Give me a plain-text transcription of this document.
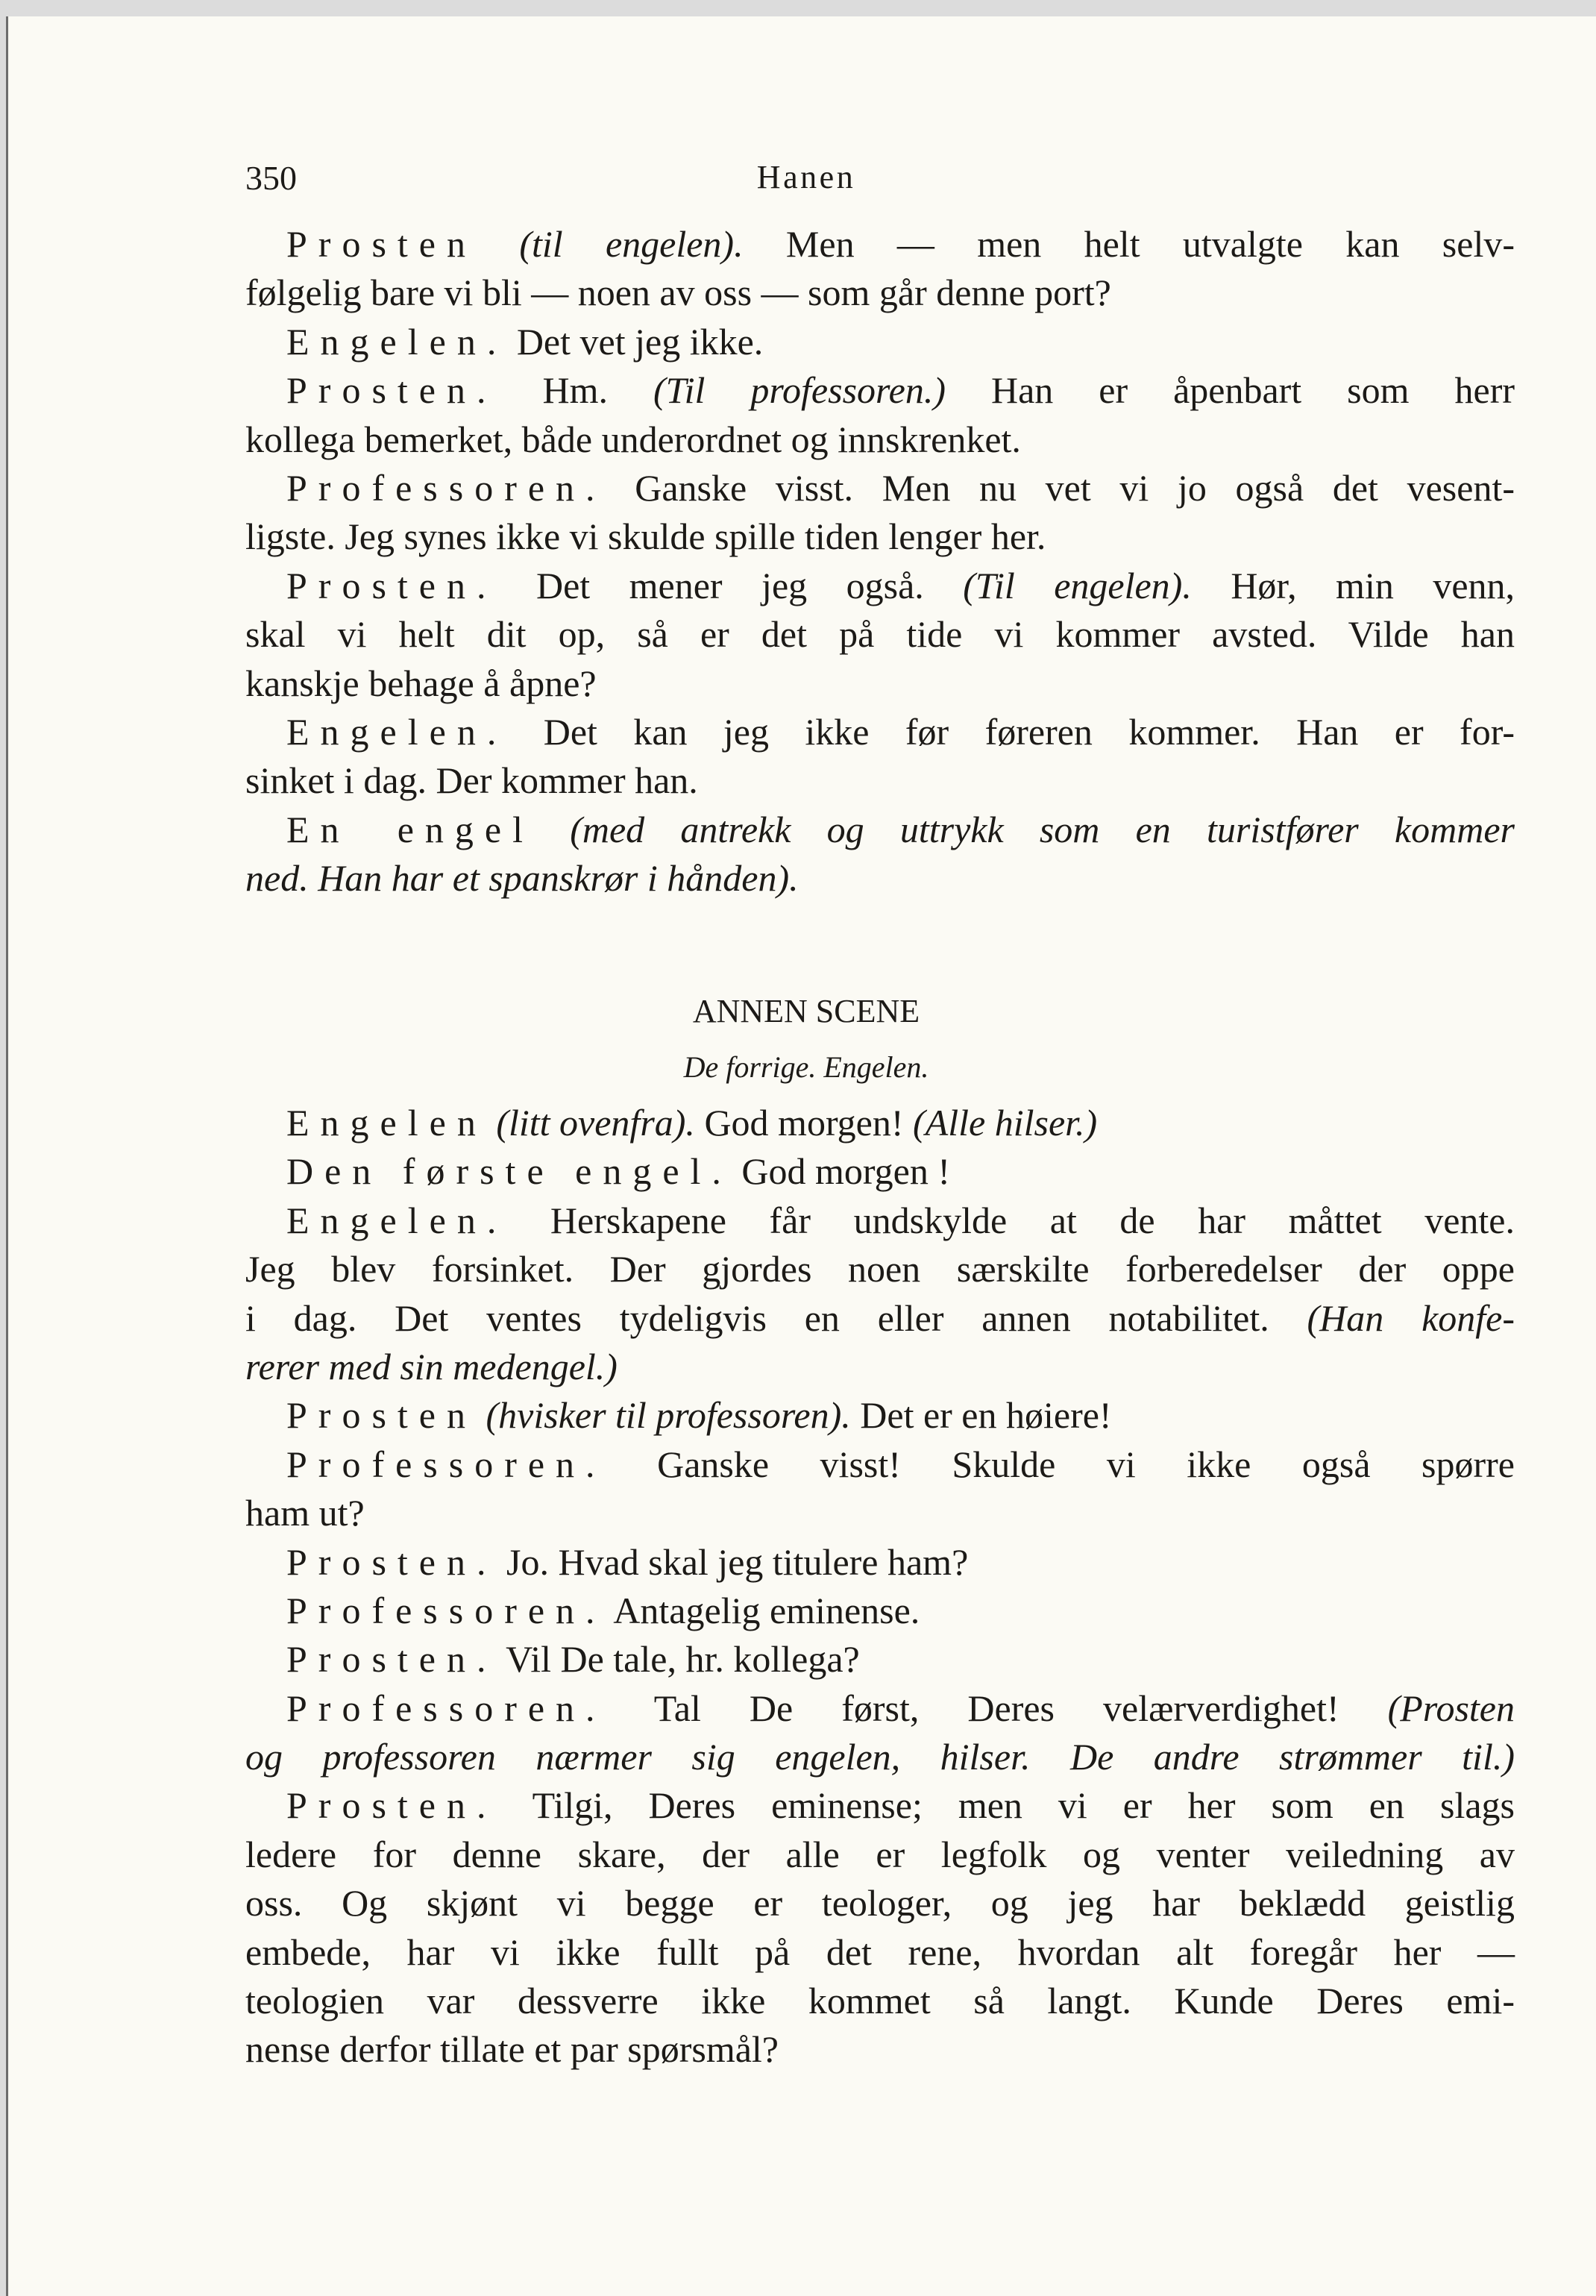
350	Hanen
Prosten (til engelen). Men — men helt utvalgte kan selv-
følgelig bare vi bli — noen av oss — som går denne port?
Engelen. Det vet jeg ikke.
Prosten. Hm. (Til professoren.) Han er åpenbart som herr
kollega bemerket, både underordnet og innskrenket.
Professoren. Ganske visst. Men nu vet vi jo også det vesent-
ligste. Jeg synes ikke vi skulde spille tiden lenger her.
Prosten. Det mener jeg også. (Til engelen). Hør, min venn,
skal vi helt dit op, så er det på tide vi kommer avsted. Vilde han
kanskje behage å åpne?
Engelen. Det kan jeg ikke før føreren kommer. Han er for-
sinket i dag. Der kommer han.
En engel (med antrekk og uttrykk som en turistfører kommer
ned. Han har et spanskrør i hånden).
ANNEN SCENE
De forrige. Engelen.
Engelen (litt ovenfra). God morgen! (Alle hilser.)
Den første engel. God morgen !
Engelen. Herskapene får undskylde at de har måttet vente.
Jeg blev forsinket. Der gjordes noen særskilte forberedelser der oppe
i dag. Det ventes tydeligvis en eller annen notabilitet. (Han konfe-
rerer med sin medengel.)
Prosten (hvisker til professoren). Det er en høiere!
Professoren. Ganske visst! Skulde vi ikke også spørre
ham ut?
Prosten. Jo. Hvad skal jeg titulere ham?
Professoren. Antagelig eminense.
Prosten. Vil De tale, hr. kollega?
Professoren. Tal De først, Deres velærverdighet! (Prosten
og professoren nærmer sig engelen, hilser. De andre strømmer til.)
Prosten. Tilgi, Deres eminense; men vi er her som en slags
ledere for denne skare, der alle er legfolk og venter veiledning av
oss. Og skjønt vi begge er teologer, og jeg har beklædd geistlig
embede, har vi ikke fullt på det rene, hvordan alt foregår her —
teologien var dessverre ikke kommet så langt. Kunde Deres emi-
nense derfor tillate et par spørsmål?
